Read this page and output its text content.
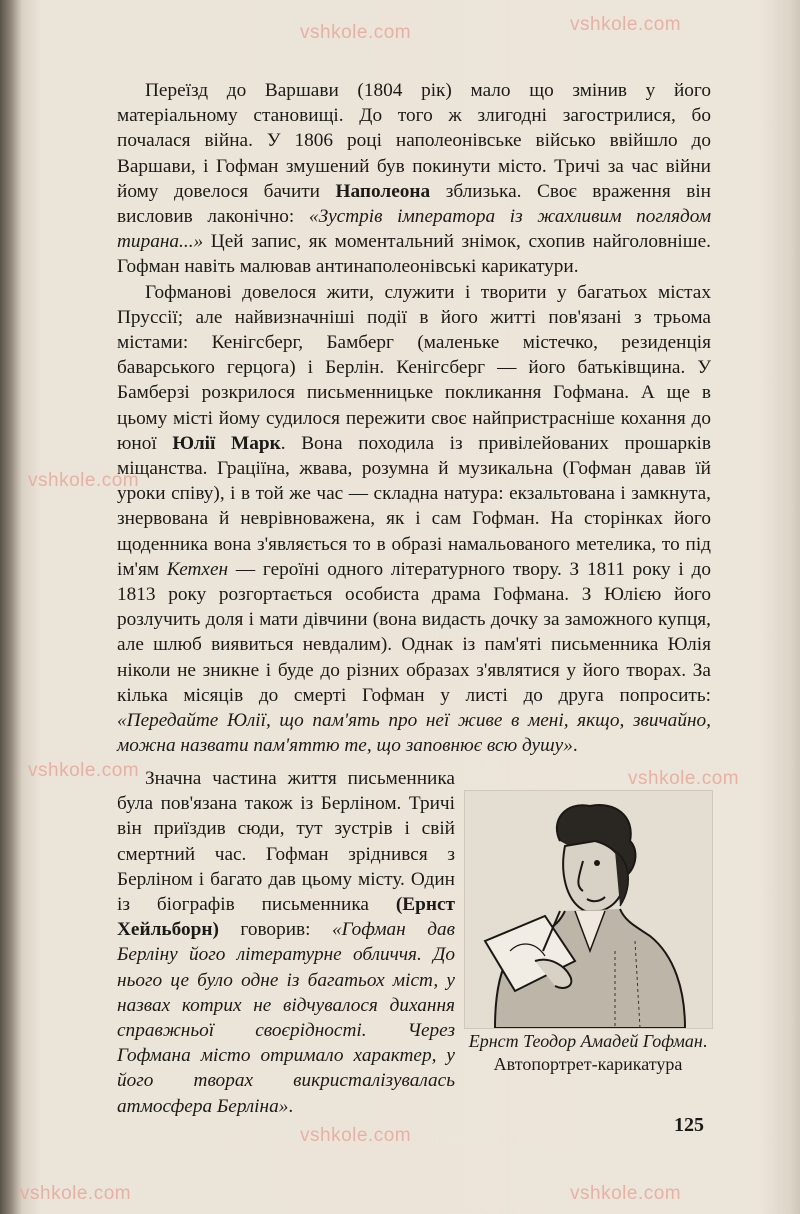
vshkole.com	vshkole.com
vshkole.com
vshkole.com	vshkole.com
vshkole.com
vshkole.com
vshkole.com

Переїзд до Варшави (1804 рік) мало що змінив у його матеріальному становищі. До того ж злигодні загострилися, бо почалася війна. У 1806 році наполеонівське військо ввійшло до Варшави, і Гофман змушений був покинути місто. Тричі за час війни йому довелося бачити Наполеона зблизька. Своє враження він висловив лаконічно: «Зустрів імператора із жахливим поглядом тирана...» Цей запис, як моментальний знімок, схопив найголовніше. Гофман навіть малював антинаполеонівські карикатури.

Гофманові довелося жити, служити і творити у багатьох містах Пруссії; але найвизначніші події в його житті пов'язані з трьома містами: Кенігсберг, Бамберг (маленьке містечко, резиденція баварського герцога) і Берлін. Кенігсберг — його батьківщина. У Бамберзі розкрилося письменницьке покликання Гофмана. А ще в цьому місті йому судилося пережити своє найпристрасніше кохання до юної Юлії Марк. Вона походила із привілейованих прошарків міщанства. Граціїна, жвава, розумна й музикальна (Гофман давав їй уроки співу), і в той же час — складна натура: екзальтована і замкнута, знервована й неврівноважена, як і сам Гофман. На сторінках його щоденника вона з'являється то в образі намальованого метелика, то під ім'ям Кетхен — героїні одного літературного твору. З 1811 року і до 1813 року розгортається особиста драма Гофмана. З Юлією його розлучить доля і мати дівчини (вона видасть дочку за заможного купця, але шлюб виявиться невдалим). Однак із пам'яті письменника Юлія ніколи не зникне і буде до різних образах з'являтися у його творах. За кілька місяців до смерті Гофман у листі до друга попросить: «Передайте Юлії, що пам'ять про неї живе в мені, якщо, звичайно, можна назвати пам'яттю те, що заповнює всю душу».

Значна частина життя письменника була пов'язана також із Берліном. Тричі він приїздив сюди, тут зустрів і свій смертний час. Гофман зріднився з Берліном і багато дав цьому місту. Один із біографів письменника (Ернст Хейльборн) говорив: «Гофман дав Берліну його літературне обличчя. До нього це було одне із багатьох міст, у назвах котрих не відчувалося дихання справжньої своєрідності. Через Гофмана місто отримало характер, у його творах викристалізувалась атмосфера Берліна».

Ернст Теодор Амадей Гофман. Автопортрет-карикатура
125
